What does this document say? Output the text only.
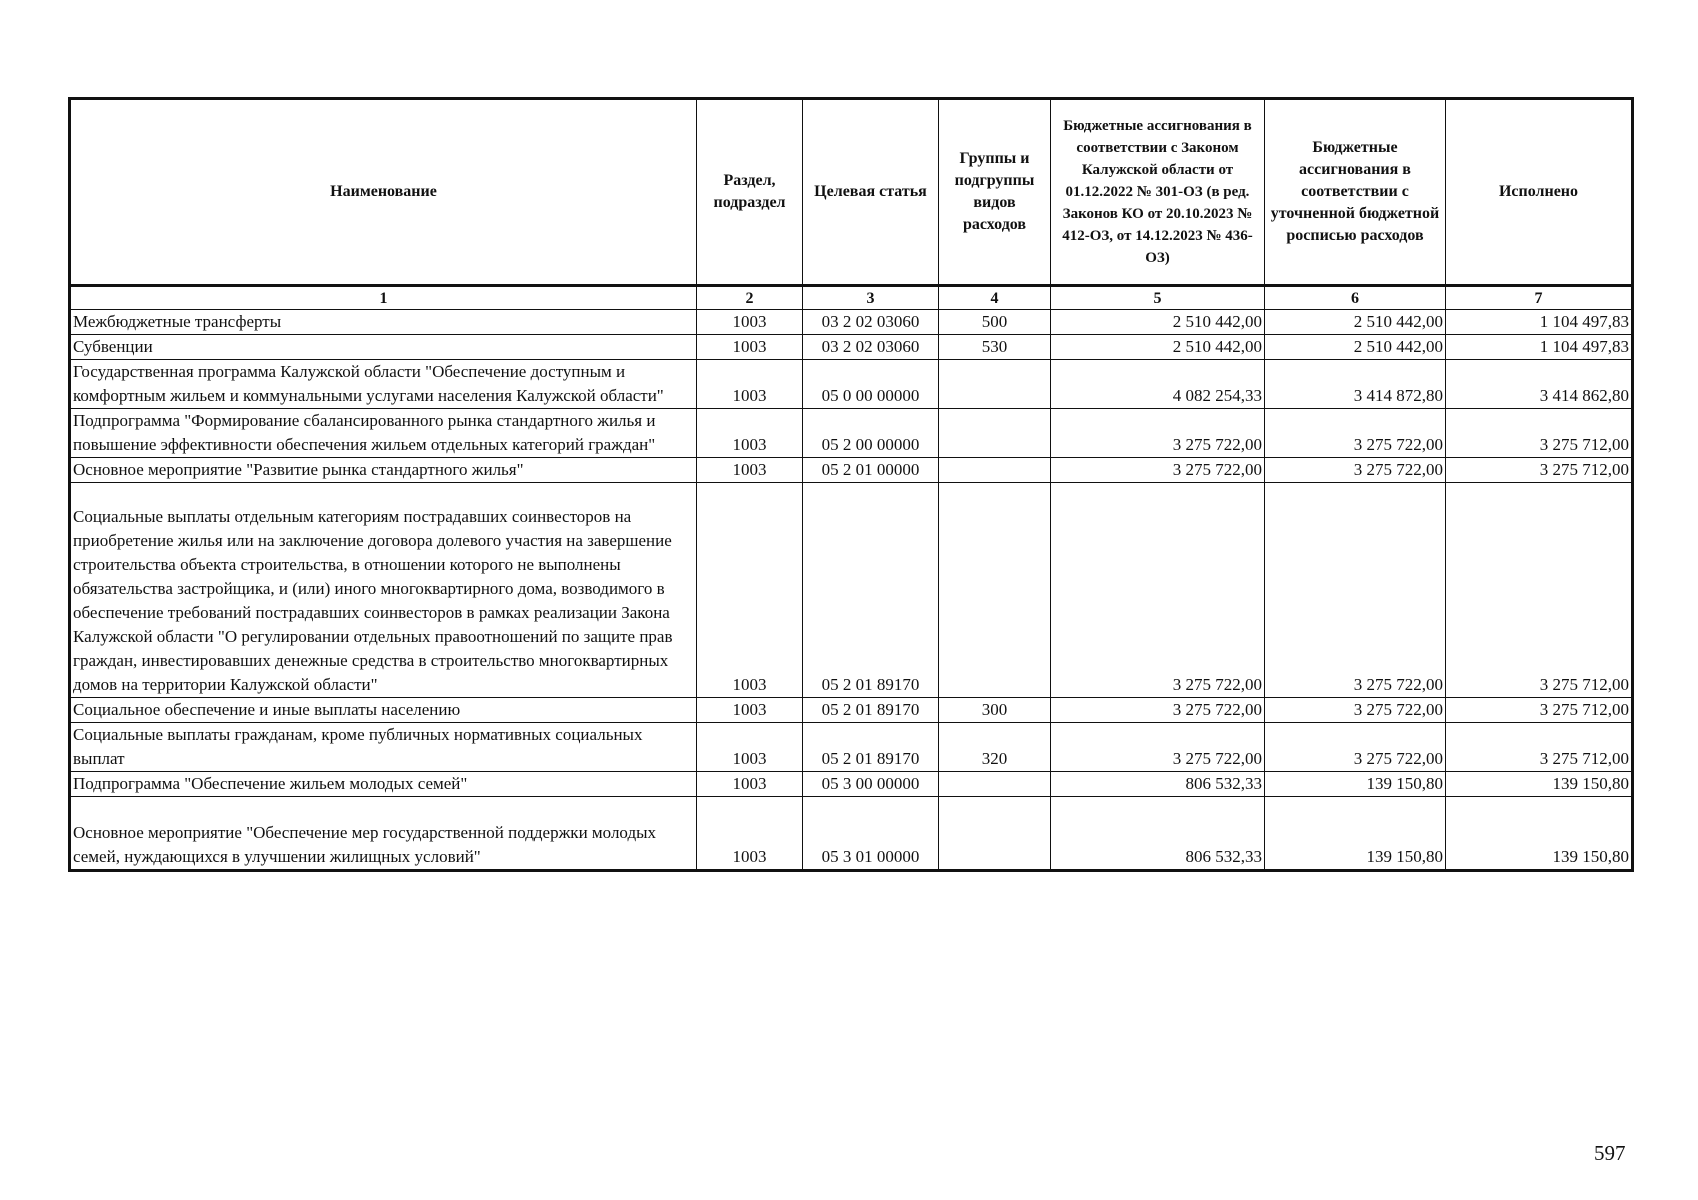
Наименование	Раздел, подраздел	Целевая статья	Группы и подгруппы видов расходов	Бюджетные ассигнования в соответствии с Законом Калужской области от 01.12.2022 № 301-ОЗ (в ред. Законов КО от 20.10.2023 № 412-ОЗ, от 14.12.2023 № 436-ОЗ)	Бюджетные ассигнования в соответствии с уточненной бюджетной росписью расходов	Исполнено
1	2	3	4	5	6	7
Межбюджетные трансферты	1003	03 2 02 03060	500	2 510 442,00	2 510 442,00	1 104 497,83
Субвенции	1003	03 2 02 03060	530	2 510 442,00	2 510 442,00	1 104 497,83
Государственная программа Калужской области "Обеспечение доступным и комфортным жильем и коммунальными услугами населения Калужской области"	1003	05 0 00 00000		4 082 254,33	3 414 872,80	3 414 862,80
Подпрограмма "Формирование сбалансированного рынка стандартного жилья и повышение эффективности обеспечения жильем отдельных категорий граждан"	1003	05 2 00 00000		3 275 722,00	3 275 722,00	3 275 712,00
Основное мероприятие "Развитие рынка стандартного жилья"	1003	05 2 01 00000		3 275 722,00	3 275 722,00	3 275 712,00
Социальные выплаты отдельным категориям пострадавших соинвесторов на приобретение жилья или на заключение договора долевого участия на завершение строительства объекта строительства, в отношении которого не выполнены обязательства застройщика, и (или) иного многоквартирного дома, возводимого в обеспечение требований пострадавших соинвесторов в рамках реализации Закона Калужской области "О регулировании отдельных правоотношений по защите прав граждан, инвестировавших денежные средства в строительство многоквартирных домов на территории Калужской области"	1003	05 2 01 89170		3 275 722,00	3 275 722,00	3 275 712,00
Социальное обеспечение и иные выплаты населению	1003	05 2 01 89170	300	3 275 722,00	3 275 722,00	3 275 712,00
Социальные выплаты гражданам, кроме публичных нормативных социальных выплат	1003	05 2 01 89170	320	3 275 722,00	3 275 722,00	3 275 712,00
Подпрограмма "Обеспечение жильем молодых семей"	1003	05 3 00 00000		806 532,33	139 150,80	139 150,80
Основное мероприятие "Обеспечение мер государственной поддержки молодых семей, нуждающихся в улучшении жилищных условий"	1003	05 3 01 00000		806 532,33	139 150,80	139 150,80
597
